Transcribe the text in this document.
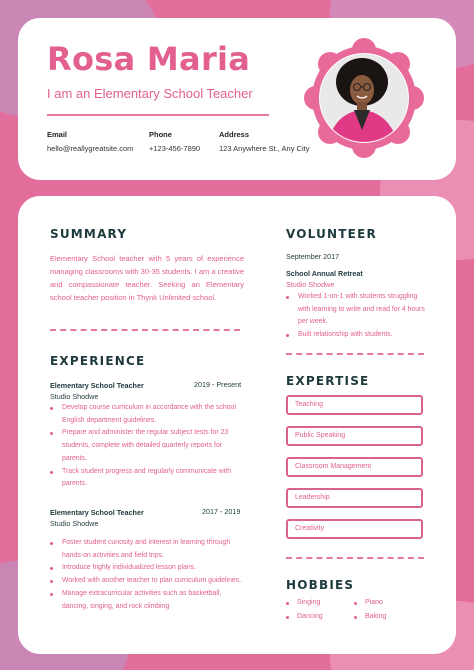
Rosa Maria
I am an Elementary School Teacher
Email
hello@reallygreatsite.com
Phone
+123-456-7890
Address
123 Anywhere St., Any City
SUMMARY
Elementary School teacher with 5 years of experience managing classrooms with 30-35 students. I am a creative and compassionate teacher. Seeking an Elementary school teacher position in Thynk Unlimited school.
EXPERIENCE
Elementary School Teacher	2019 - Present
Studio Shodwe
Develop course curriculum in accordance with the school English department guidelines.
Prepare and administer the regular subject tests for 23 students, complete with detailed quarterly reports for parents.
Track student progress and regularly communicate with parents.
Elementary School Teacher	2017 - 2019
Studio Shodwe
Foster student curiosity and interest in learning through hands-on activities and field trips.
Introduce highly individualized lesson plans.
Worked with another teacher to plan curriculum guidelines.
Manage extracurricular activities such as basketball, dancing, singing, and rock climbing
VOLUNTEER
September 2017
School Annual Retreat
Studio Shodwe
Worked 1-on-1 with students struggling with learning to write and read for 4 hours per week.
Built relationship with students.
EXPERTISE
Teaching
Public Speaking
Classroom Management
Leadership
Creativity
HOBBIES
Singing	Piano
Dancing	Baking
